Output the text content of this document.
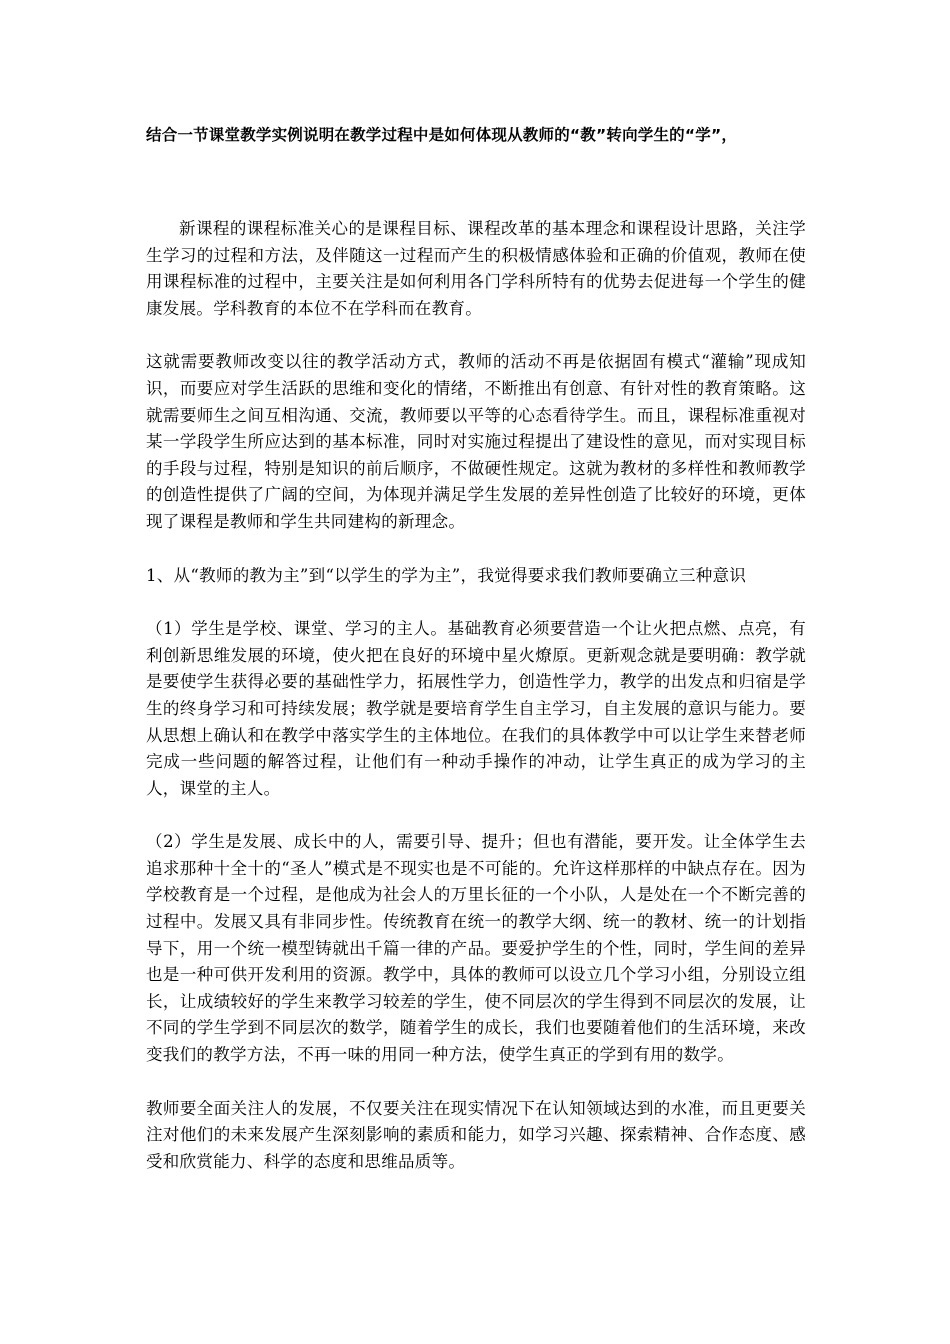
结合一节课堂教学实例说明在教学过程中是如何体现从教师的“教”转向学生的“学”，

新课程的课程标准关心的是课程目标、课程改革的基本理念和课程设计思路，关注学生学习的过程和方法，及伴随这一过程而产生的积极情感体验和正确的价值观，教师在使用课程标准的过程中，主要关注是如何利用各门学科所特有的优势去促进每一个学生的健康发展。学科教育的本位不在学科而在教育。

这就需要教师改变以往的教学活动方式，教师的活动不再是依据固有模式“灌输”现成知识，而要应对学生活跃的思维和变化的情绪，不断推出有创意、有针对性的教育策略。这就需要师生之间互相沟通、交流，教师要以平等的心态看待学生。而且，课程标准重视对某一学段学生所应达到的基本标准，同时对实施过程提出了建设性的意见，而对实现目标的手段与过程，特别是知识的前后顺序，不做硬性规定。这就为教材的多样性和教师教学的创造性提供了广阔的空间，为体现并满足学生发展的差异性创造了比较好的环境，更体现了课程是教师和学生共同建构的新理念。

1、从“教师的教为主”到“以学生的学为主”，我觉得要求我们教师要确立三种意识

（1）学生是学校、课堂、学习的主人。基础教育必须要营造一个让火把点燃、点亮，有利创新思维发展的环境，使火把在良好的环境中星火燎原。更新观念就是要明确：教学就是要使学生获得必要的基础性学力，拓展性学力，创造性学力，教学的出发点和归宿是学生的终身学习和可持续发展；教学就是要培育学生自主学习，自主发展的意识与能力。要从思想上确认和在教学中落实学生的主体地位。在我们的具体教学中可以让学生来替老师完成一些问题的解答过程，让他们有一种动手操作的冲动，让学生真正的成为学习的主人，课堂的主人。

（2）学生是发展、成长中的人，需要引导、提升；但也有潜能，要开发。让全体学生去追求那种十全十的“圣人”模式是不现实也是不可能的。允许这样那样的中缺点存在。因为学校教育是一个过程，是他成为社会人的万里长征的一个小队，人是处在一个不断完善的过程中。发展又具有非同步性。传统教育在统一的教学大纲、统一的教材、统一的计划指导下，用一个统一模型铸就出千篇一律的产品。要爱护学生的个性，同时，学生间的差异也是一种可供开发利用的资源。教学中，具体的教师可以设立几个学习小组，分别设立组长，让成绩较好的学生来教学习较差的学生，使不同层次的学生得到不同层次的发展，让不同的学生学到不同层次的数学，随着学生的成长，我们也要随着他们的生活环境，来改变我们的教学方法，不再一味的用同一种方法，使学生真正的学到有用的数学。

教师要全面关注人的发展，不仅要关注在现实情况下在认知领域达到的水准，而且更要关注对他们的未来发展产生深刻影响的素质和能力，如学习兴趣、探索精神、合作态度、感受和欣赏能力、科学的态度和思维品质等。
